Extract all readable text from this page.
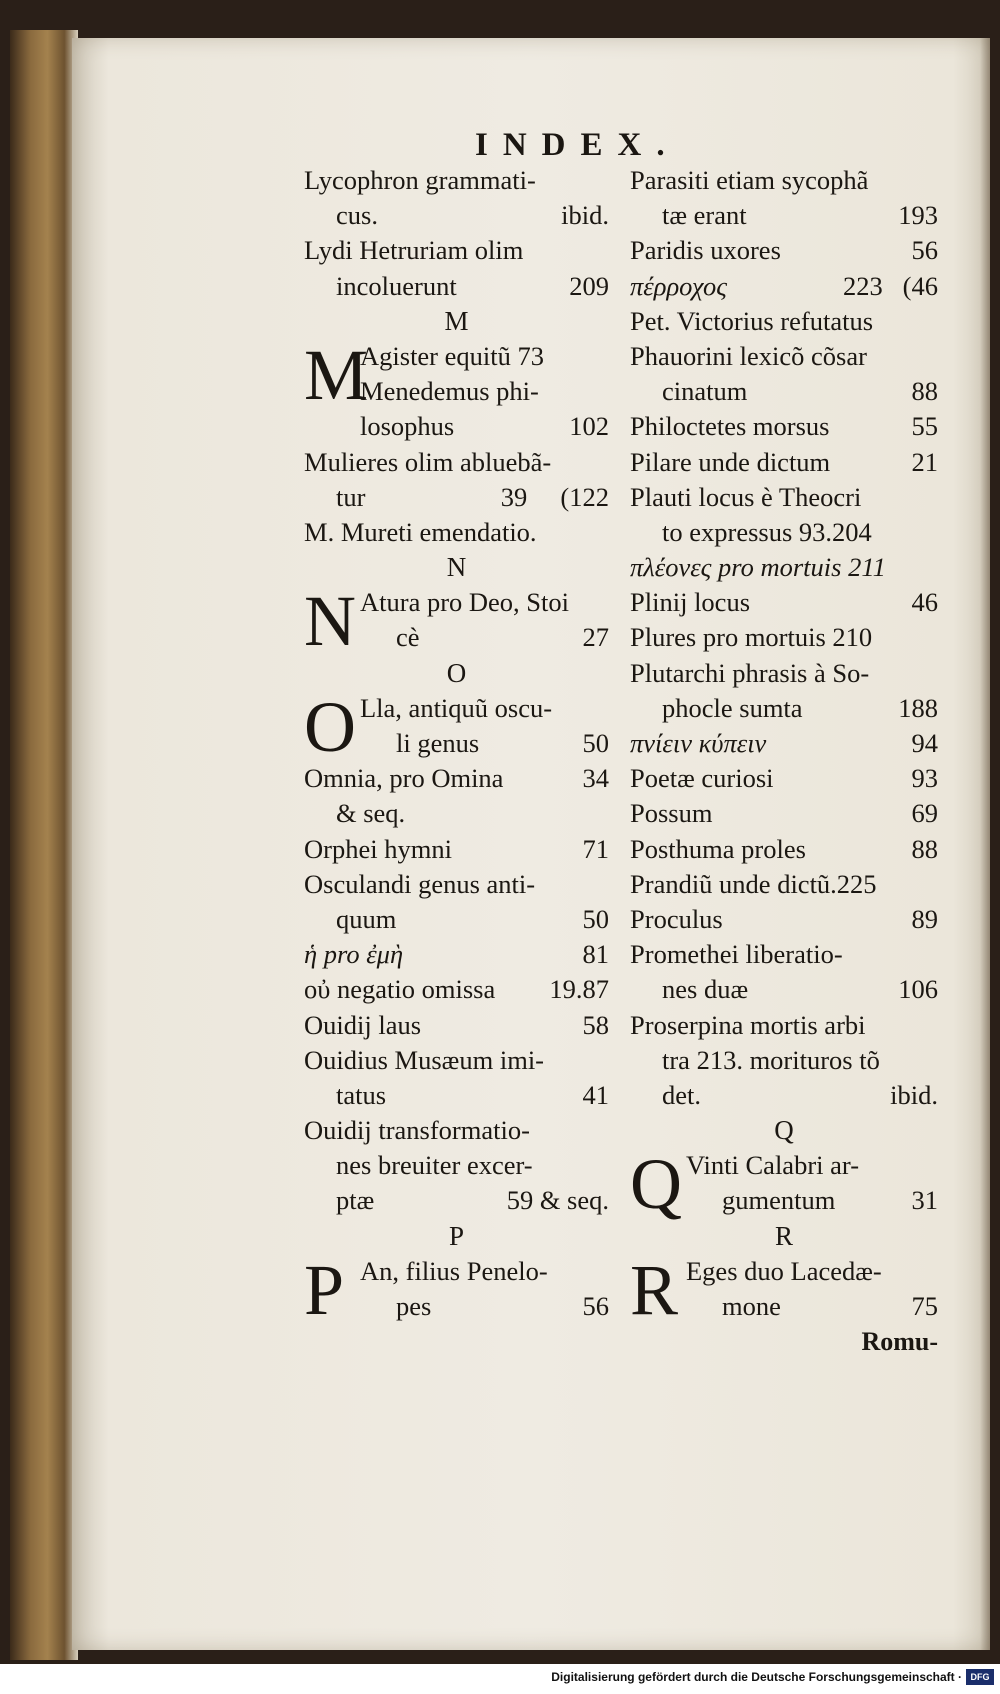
INDEX.
Lycophron grammati-
cus.	ibid.
Lydi Hetruriam olim
incoluerunt	209
M
M
Agister equitũ 73
Menedemus phi-
losophus	102
Mulieres olim abluebã-
tur	39     (122
M. Mureti emendatio.
N
N Atura pro Deo, Stoi
cè	27
O
O Lla, antiquũ oscu-
li genus	50
Omnia, pro Omina	34
& seq.
Orphei hymni	71
Osculandi genus anti-
quum	50
ἡ pro ἐμὴ	81
οὐ negatio omissa 19.87
Ouidij laus	58
Ouidius Musæum imi-
tatus	41
Ouidij transformatio-
nes breuiter excer-
ptæ	59 & seq.
P
P An, filius Penelo-
pes	56
Parasiti etiam sycophã
tæ erant	193
Paridis uxores	56
πέρροχος	223   (46
Pet. Victorius refutatus
Phauorini lexicõ cõsar
cinatum	88
Philoctetes morsus	55
Pilare unde dictum	21
Plauti locus è Theocri
to expressus 93.204
πλέονες pro mortuis 211
Plinij locus	46
Plures pro mortuis 210
Plutarchi phrasis à So-
phocle sumta	188
πνίειν κύπειν	94
Poetæ curiosi	93
Possum	69
Posthuma proles	88
Prandiũ unde dictũ.225
Proculus	89
Promethei liberatio-
nes duæ	106
Proserpina mortis arbi
tra 213. morituros tõ
det.	ibid.
Q
Q Vinti Calabri ar-
gumentum	31
R
R Eges duo Lacedæ-
mone	75
Romu-
Digitalisierung gefördert durch die Deutsche Forschungsgemeinschaft · DFG
